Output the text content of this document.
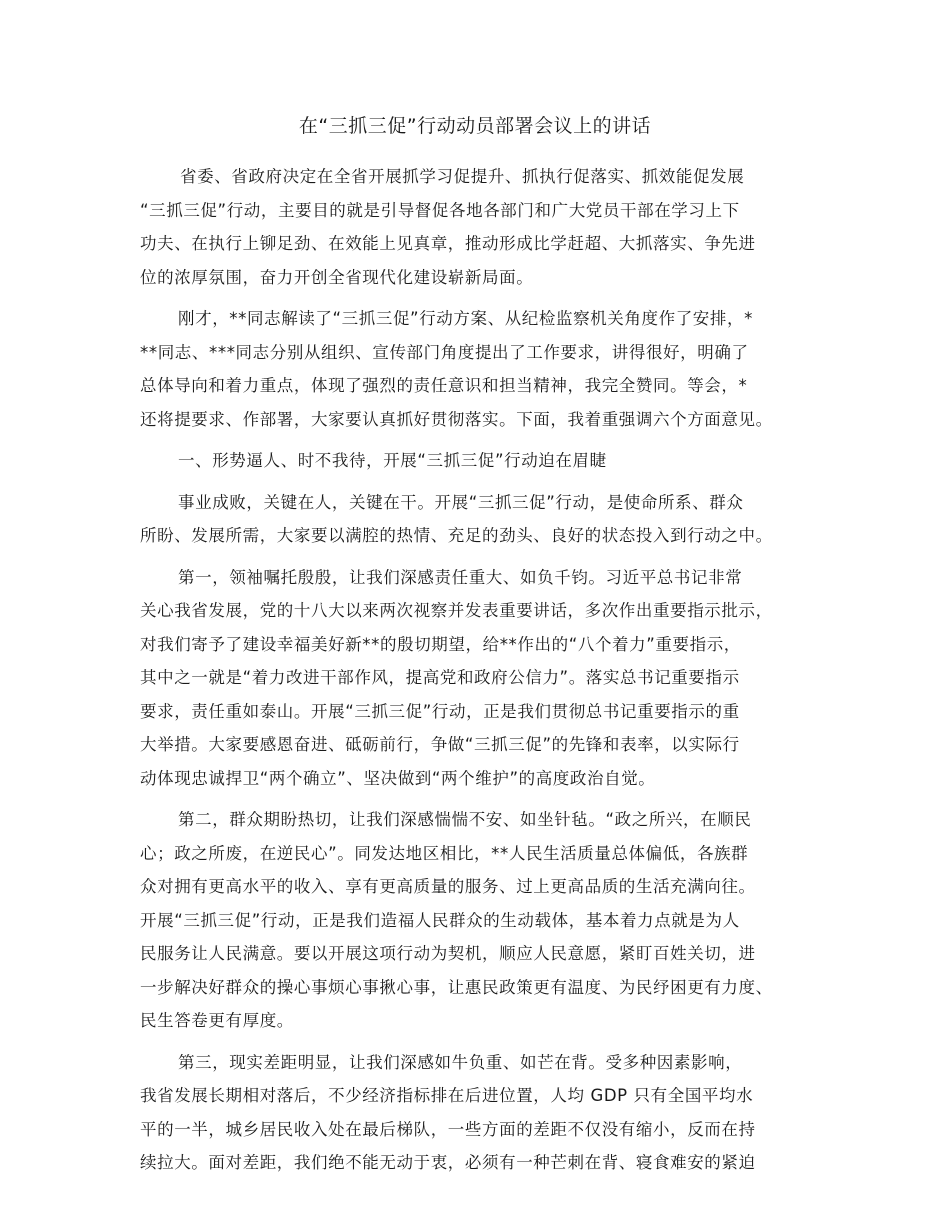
在“三抓三促”行动动员部署会议上的讲话
省委、省政府决定在全省开展抓学习促提升、抓执行促落实、抓效能促发展
“三抓三促”行动，主要目的就是引导督促各地各部门和广大党员干部在学习上下
功夫、在执行上铆足劲、在效能上见真章，推动形成比学赶超、大抓落实、争先进
位的浓厚氛围，奋力开创全省现代化建设崭新局面。
刚才，**同志解读了“三抓三促”行动方案、从纪检监察机关角度作了安排，*
**同志、***同志分别从组织、宣传部门角度提出了工作要求，讲得很好，明确了
总体导向和着力重点，体现了强烈的责任意识和担当精神，我完全赞同。等会，*
还将提要求、作部署，大家要认真抓好贯彻落实。下面，我着重强调六个方面意见。
一、形势逼人、时不我待，开展“三抓三促”行动迫在眉睫
事业成败，关键在人，关键在干。开展“三抓三促”行动，是使命所系、群众
所盼、发展所需，大家要以满腔的热情、充足的劲头、良好的状态投入到行动之中。
第一，领袖嘱托殷殷，让我们深感责任重大、如负千钧。习近平总书记非常
关心我省发展，党的十八大以来两次视察并发表重要讲话，多次作出重要指示批示，
对我们寄予了建设幸福美好新**的殷切期望，给**作出的“八个着力”重要指示，
其中之一就是“着力改进干部作风，提高党和政府公信力”。落实总书记重要指示
要求，责任重如泰山。开展“三抓三促”行动，正是我们贯彻总书记重要指示的重
大举措。大家要感恩奋进、砥砺前行，争做“三抓三促”的先锋和表率，以实际行
动体现忠诚捍卫“两个确立”、坚决做到“两个维护”的高度政治自觉。
第二，群众期盼热切，让我们深感惴惴不安、如坐针毡。“政之所兴，在顺民
心；政之所废，在逆民心”。同发达地区相比，**人民生活质量总体偏低，各族群
众对拥有更高水平的收入、享有更高质量的服务、过上更高品质的生活充满向往。
开展“三抓三促”行动，正是我们造福人民群众的生动载体，基本着力点就是为人
民服务让人民满意。要以开展这项行动为契机，顺应人民意愿，紧盯百姓关切，进
一步解决好群众的操心事烦心事揪心事，让惠民政策更有温度、为民纾困更有力度、
民生答卷更有厚度。
第三，现实差距明显，让我们深感如牛负重、如芒在背。受多种因素影响，
我省发展长期相对落后，不少经济指标排在后进位置，人均 GDP 只有全国平均水
平的一半，城乡居民收入处在最后梯队，一些方面的差距不仅没有缩小，反而在持
续拉大。面对差距，我们绝不能无动于衷，必须有一种芒刺在背、寝食难安的紧迫
